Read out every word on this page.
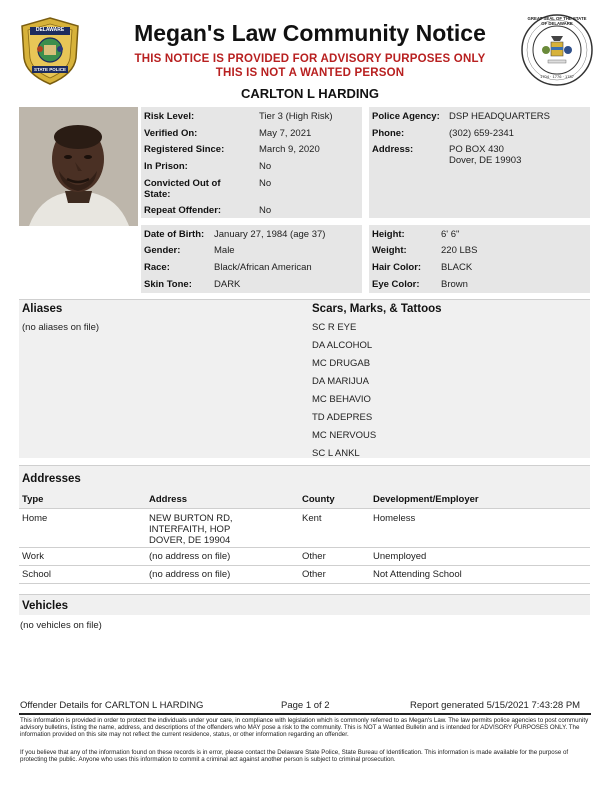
DELAWARE
STATE POLICE
Megan's Law Community Notice
THIS NOTICE IS PROVIDED FOR ADVISORY PURPOSES ONLY
THIS IS NOT A WANTED PERSON
CARLTON L HARDING
GREAT SEAL OF THE STATE OF DELAWARE
1704 · 1776 · 1787
Risk Level:	Tier 3 (High Risk)
Verified On:	May 7, 2021
Registered Since:	March 9, 2020
In Prison:	No
Convicted Out of
State:
No
Repeat Offender:	No
Police Agency: DSP HEADQUARTERS
Phone:	(302) 659-2341
Address:	PO BOX 430
Dover, DE 19903
Date of Birth: January 27, 1984 (age 37)
Gender:	Male
Race:	Black/African American
Skin Tone: DARK
Height:	6' 6"
Weight:	220 LBS
Hair Color: BLACK
Eye Color: Brown
Aliases
(no aliases on file)
Scars, Marks, & Tattoos
SC R EYE
DA ALCOHOL
MC DRUGAB
DA MARIJUA
MC BEHAVIO
TD ADEPRES
MC NERVOUS
SC L ANKL
Addresses
Type	Address	County	Development/Employer
Home	NEW BURTON RD,
INTERFAITH, HOP
DOVER, DE 19904
Kent	Homeless
Work	(no address on file)	Other	Unemployed
School	(no address on file)	Other	Not Attending School
Vehicles
(no vehicles on file)
Offender Details for CARLTON L HARDING	Page 1 of 2	Report generated 5/15/2021 7:43:28 PM
This information is provided in order to protect the individuals under your care, in compliance with legislation which is commonly referred to as Megan's Law. The law permits police agencies to post community advisory bulletins, listing the name, address, and descriptions of the offenders who MAY pose a risk to the community. This is NOT a Wanted Bulletin and is intended for ADVISORY PURPOSES ONLY. The information provided on this site may not reflect the current residence, status, or other information regarding an offender.
If you believe that any of the information found on these records is in error, please contact the Delaware State Police, State Bureau of Identification. This information is made available for the purpose of protecting the public. Anyone who uses this information to commit a criminal act against another person is subject to criminal prosecution.
